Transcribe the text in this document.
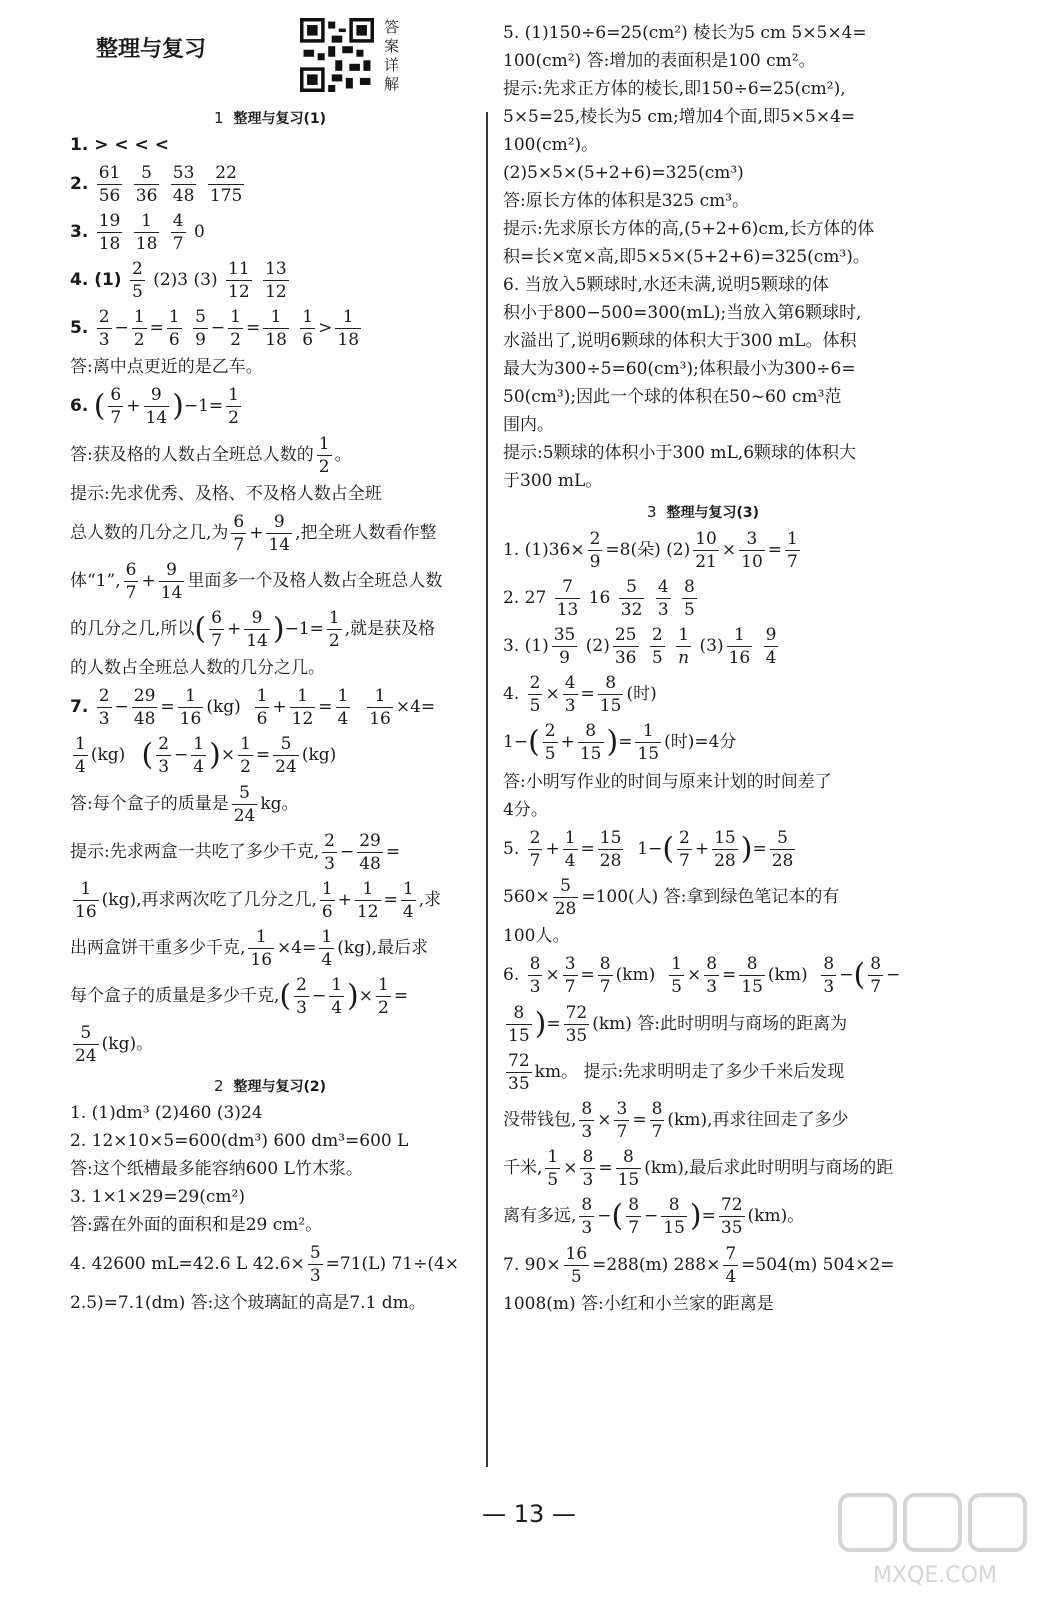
整理与复习
答案详解
1 整理与复习(1)
1. > < < <
2. $\frac{61}{56}$
$\frac{5}{36}$
$\frac{53}{48}$
$\frac{22}{175}$
3. $\frac{19}{18}$
$\frac{1}{18}$
$\frac{4}{7} 0$
4. $(1) \frac{2}{5} (2)3$ $(3) \frac{11}{12}$
$\frac{13}{12}$
5. $\frac{2}{3} - \frac{1}{2} = \frac{1}{6}$
$\frac{5}{9} - \frac{1}{2} = \frac{1}{18}$
$\frac{1}{6} > \frac{1}{18}$
答:离中点更近的是乙车。
6. ( $\frac{6}{7} + \frac{9}{14} )-1= \frac{1}{2}$
答:获及格的人数占全班总人数的 $\frac{1}{2}$ 。
提示:先求优秀、及格、不及格人数占全班
总人数的几分之几,为 $\frac{6}{7} + \frac{9}{14}$ ,把全班人数看作整
体“1”, $\frac{6}{7} + \frac{9}{14}$ 里面多一个及格人数占全班总人数
的几分之几,所以( $\frac{6}{7} + \frac{9}{14} )-1= \frac{1}{2}$ ,就是获及格
的人数占全班总人数的几分之几。
7. $\frac{2}{3} - \frac{29}{48} = \frac{1}{16} (kg) \frac{1}{6} + \frac{1}{12} = \frac{1}{4}$
$\frac{1}{16} \times 4=$
$\frac{1}{4} (kg)$   ( $\frac{2}{3} - \frac{1}{4}$ )× $\frac{1}{2} = \frac{5}{24} (kg)$
答:每个盒子的质量是 $\frac{5}{24}$ kg。
提示:先求两盒一共吃了多少千克, $\frac{2}{3} - \frac{29}{48}$ =
$\frac{1}{16} (kg)$,再求两次吃了几分之几, $\frac{1}{6} + \frac{1}{12} = \frac{1}{4}$ ,求
出两盒饼干重多少千克, $\frac{1}{16} \times 4= \frac{1}{4} (kg)$,最后求
每个盒子的质量是多少千克,( $\frac{2}{3} - \frac{1}{4}$ )× $\frac{1}{2}$ =
$\frac{5}{24} (kg)$。
2 整理与复习(2)
1. (1)dm³ (2)460 (3)24
2. 12×10×5=600(dm³) 600 dm³=600 L
答:这个纸槽最多能容纳600 L竹木浆。
3. 1×1×29=29(cm²)
答:露在外面的面积和是29 cm²。
4. 42600 mL=42.6 L $42.6\times \frac{5}{3} =71(L)$ 71÷(4×
2.5)=7.1(dm) 答:这个玻璃缸的高是7.1 dm。
5. (1)150÷6=25(cm²) 棱长为5 cm 5×5×4=
100(cm²) 答:增加的表面积是100 cm²。
提示:先求正方体的棱长,即150÷6=25(cm²),
5×5=25,棱长为5 cm;增加4个面,即5×5×4=
100(cm²)。
(2)5×5×(5+2+6)=325(cm³)
答:原长方体的体积是325 cm³。
提示:先求原长方体的高,(5+2+6)cm,长方体的体
积=长×宽×高,即5×5×(5+2+6)=325(cm³)。
6. 当放入5颗球时,水还未满,说明5颗球的体
积小于800−500=300(mL);当放入第6颗球时,
水溢出了,说明6颗球的体积大于300 mL。体积
最大为300÷5=60(cm³);体积最小为300÷6=
50(cm³);因此一个球的体积在50~60 cm³范
围内。
提示:5颗球的体积小于300 mL,6颗球的体积大
于300 mL。
3 整理与复习(3)
1. $(1)36\times \frac{2}{9} =8$(朵) $(2) \frac{10}{21} \times \frac{3}{10} = \frac{1}{7}$
2. $27 \frac{7}{13} 16 \frac{5}{32}$
$\frac{4}{3}$
$\frac{8}{5}$
3. $(1) \frac{35}{9} (2) \frac{25}{36}$
$\frac{2}{5}$
$\frac{1}{n} (3) \frac{1}{16}$
$\frac{9}{4}$
4. $\frac{2}{5} \times \frac{4}{3} = \frac{8}{15}$ (时)
$1-( \frac{2}{5} + \frac{8}{15}$ )= $\frac{1}{15}$ (时)=4分
答:小明写作业的时间与原来计划的时间差了
4分。
5. $\frac{2}{7} + \frac{1}{4} = \frac{15}{28} 1-( \frac{2}{7} + \frac{15}{28}$ )= $\frac{5}{28}$
$560\times \frac{5}{28} =100$(人) 答:拿到绿色笔记本的有
100人。
6. $\frac{8}{3} \times \frac{3}{7} = \frac{8}{7} (km) \frac{1}{5} \times \frac{8}{3} = \frac{8}{15} (km) \frac{8}{3}$ −( $\frac{8}{7}$ −
$\frac{8}{15}$ )= $\frac{72}{35} (km)$ 答:此时明明与商场的距离为
$\frac{72}{35}$ km。 提示:先求明明走了多少千米后发现
没带钱包, $\frac{8}{3} \times \frac{3}{7} = \frac{8}{7} (km)$,再求往回走了多少
千米, $\frac{1}{5} \times \frac{8}{3} = \frac{8}{15} (km)$,最后求此时明明与商场的距
离有多远, $\frac{8}{3}$ −( $\frac{8}{7} - \frac{8}{15}$ )= $\frac{72}{35} (km)$。
7. $90\times \frac{16}{5} =288(m)$ $288\times \frac{7}{4} =504(m)$ 504×2=
1008(m) 答:小红和小兰家的距离是
— 13 —
MXQE.COM
